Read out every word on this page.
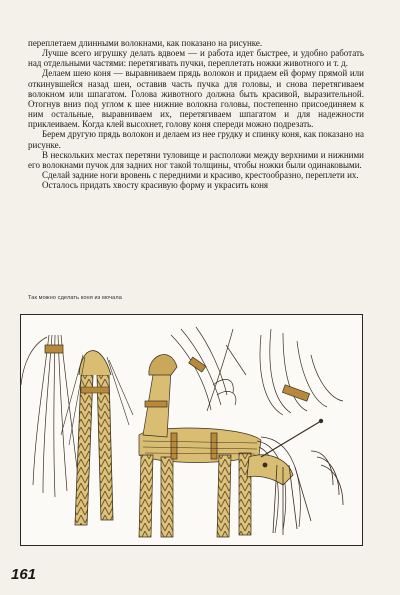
переплетаем длинными волокнами, как показано на рисунке.

Лучше всего игрушку делать вдвоем — и работа идет быстрее, и удобно работать над отдельными частями: перетягивать пучки, переплетать ножки животного и т. д.

Делаем шею коня — выравниваем прядь волокон и придаем ей форму прямой или откинувшейся назад шеи, оставив часть пучка для головы, и снова перетягиваем волокном или шпагатом. Голова животного должна быть красивой, выразительной. Отогнув вниз под углом к шее нижние волокна головы, постепенно присоединяем к ним остальные, выравниваем их, перетягиваем шпагатом и для надежности приклеиваем. Когда клей высохнет, голову коня спереди можно подрезать.

Берем другую прядь волокон и делаем из нее грудку и спинку коня, как показано на рисунке.

В нескольких местах перетяни туловище и расположи между верхними и нижними его волокнами пучок для задних ног такой толщины, чтобы ножки были одинаковыми.

Сделай задние ноги вровень с передними и красиво, крестообразно, переплети их.

Осталось придать хвосту красивую форму и украсить коня

Так можно сделать коня из мочала
161
